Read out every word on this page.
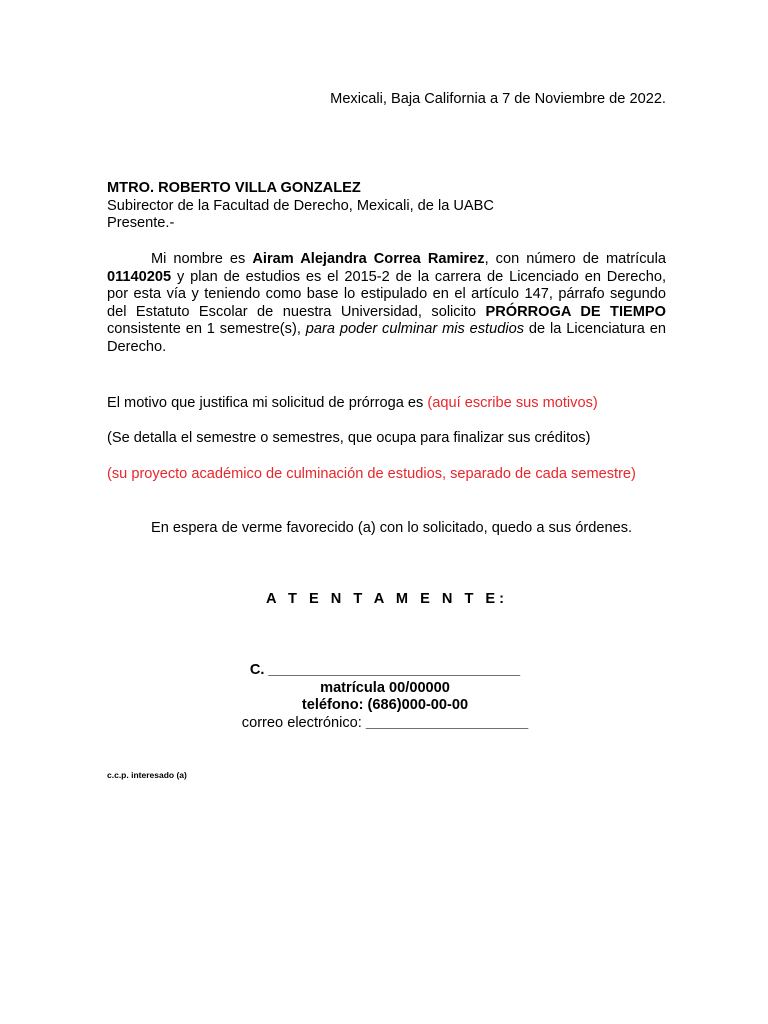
Mexicali, Baja California a 7 de Noviembre de 2022.
MTRO. ROBERTO VILLA GONZALEZ
Subirector de la Facultad de Derecho, Mexicali, de la UABC
Presente.-
Mi nombre es Airam Alejandra Correa Ramirez, con número de matrícula 01140205 y plan de estudios es el 2015-2 de la carrera de Licenciado en Derecho, por esta vía y teniendo como base lo estipulado en el artículo 147, párrafo segundo del Estatuto Escolar de nuestra Universidad, solicito PRÓRROGA DE TIEMPO consistente en 1 semestre(s), para poder culminar mis estudios de la Licenciatura en Derecho.
El motivo que justifica mi solicitud de prórroga es (aquí escribe sus motivos)
(Se detalla el semestre o semestres, que ocupa para finalizar sus créditos)
(su proyecto académico de culminación de estudios, separado de cada semestre)
En espera de verme favorecido (a) con lo solicitado, quedo a sus órdenes.
A T E N T A M E N T E:
C. _______________________________
matrícula 00/00000
teléfono: (686)000-00-00
correo electrónico: ____________________
c.c.p. interesado (a)
